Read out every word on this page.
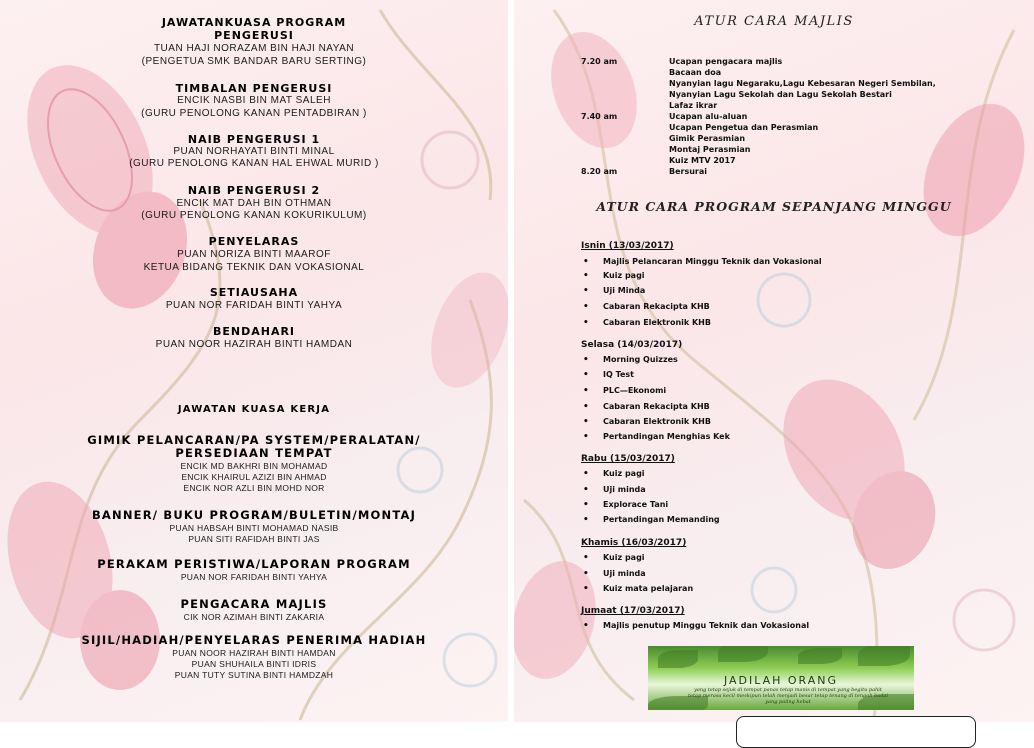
JAWATANKUASA PROGRAM
PENGERUSI
TUAN HAJI NORAZAM BIN HAJI NAYAN
(PENGETUA SMK BANDAR BARU SERTING)
TIMBALAN PENGERUSI
ENCIK NASBI BIN MAT SALEH
(GURU PENOLONG KANAN PENTADBIRAN )
NAIB PENGERUSI 1
PUAN NORHAYATI BINTI MINAL
(GURU PENOLONG KANAN HAL EHWAL MURID )
NAIB PENGERUSI 2
ENCIK MAT DAH BIN OTHMAN
(GURU PENOLONG KANAN KOKURIKULUM)
PENYELARAS
PUAN NORIZA BINTI MAAROF
KETUA BIDANG TEKNIK DAN VOKASIONAL
SETIAUSAHA
PUAN NOR FARIDAH BINTI YAHYA
BENDAHARI
PUAN NOOR HAZIRAH BINTI HAMDAN
JAWATAN KUASA KERJA
GIMIK PELANCARAN/PA SYSTEM/PERALATAN/
PERSEDIAAN TEMPAT
ENCIK MD BAKHRI BIN MOHAMAD
ENCIK KHAIRUL AZIZI BIN AHMAD
ENCIK NOR AZLI BIN MOHD NOR
BANNER/ BUKU PROGRAM/BULETIN/MONTAJ
PUAN HABSAH BINTI MOHAMAD NASIB
PUAN SITI RAFIDAH BINTI JAS
PERAKAM PERISTIWA/LAPORAN PROGRAM
PUAN NOR FARIDAH BINTI YAHYA
PENGACARA MAJLIS
CIK NOR AZIMAH BINTI ZAKARIA
SIJIL/HADIAH/PENYELARAS PENERIMA HADIAH
PUAN NOOR HAZIRAH BINTI HAMDAN
PUAN SHUHAILA BINTI IDRIS
PUAN TUTY SUTINA BINTI HAMDZAH
ATUR CARA MAJLIS
7.20 am	Ucapan pengacara majlis
Bacaan doa
Nyanyian lagu Negaraku,Lagu Kebesaran Negeri Sembilan,
Nyanyian Lagu Sekolah dan Lagu Sekolah Bestari
Lafaz ikrar
7.40 am	Ucapan alu-aluan
Ucapan Pengetua dan Perasmian
Gimik Perasmian
Montaj Perasmian
Kuiz MTV 2017
8.20 am	Bersurai
ATUR CARA PROGRAM SEPANJANG MINGGU
Isnin (13/03/2017)
• Majlis Pelancaran Minggu Teknik dan Vokasional
• Kuiz pagi
• Uji Minda
• Cabaran Rekacipta KHB
• Cabaran Elektronik KHB
Selasa (14/03/2017)
• Morning Quizzes
• IQ Test
• PLC—Ekonomi
• Cabaran Rekacipta KHB
• Cabaran Elektronik KHB
• Pertandingan Menghias Kek
Rabu (15/03/2017)
• Kuiz pagi
• Uji minda
• Explorace Tani
• Pertandingan Memanding
Khamis (16/03/2017)
• Kuiz pagi
• Uji minda
• Kuiz mata pelajaran
Jumaat (17/03/2017)
• Majlis penutup Minggu Teknik dan Vokasional
JADILAH ORANG
yang tetap sejuk di tempat panas tetap manis di tempat yang begitu pahit tetap merasa kecil meskipun telah menjadi besar tetap tenang di tengah badai yang paling hebat
